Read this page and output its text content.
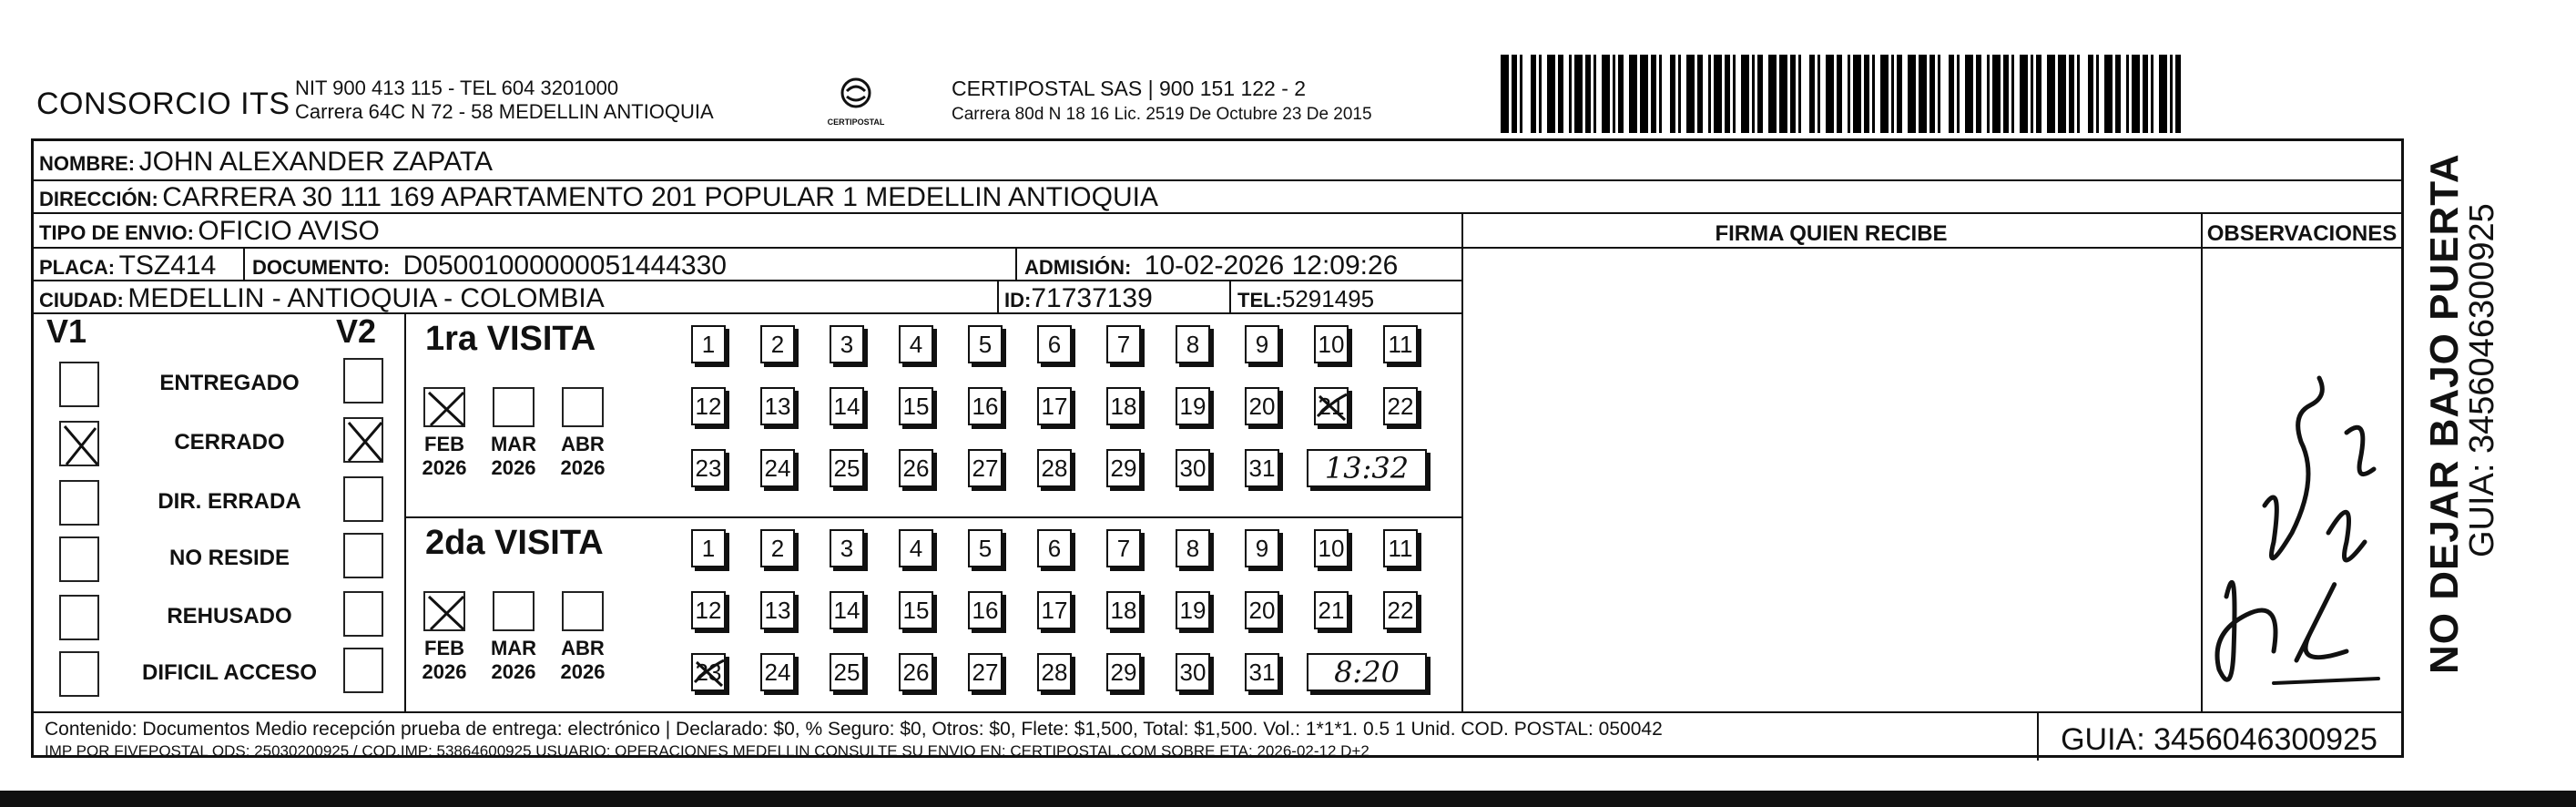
CONSORCIO ITS NIT 900 413 115 - TEL 604 3201000
Carrera 64C N 72 - 58 MEDELLIN ANTIOQUIA	CERTIPOSTAL
CERTIPOSTAL SAS | 900 151 122 - 2
Carrera 80d N 18 16 Lic. 2519 De Octubre 23 De 2015
NOMBRE: JOHN ALEXANDER ZAPATA
DIRECCIÓN: CARRERA 30 111 169 APARTAMENTO 201 POPULAR 1 MEDELLIN ANTIOQUIA
TIPO DE ENVIO: OFICIO AVISO	FIRMA QUIEN RECIBE	OBSERVACIONES
PLACA: TSZ414 DOCUMENTO: D05001000000051444330	ADMISIÓN: 10-02-2026 12:09:26
CIUDAD: MEDELLIN - ANTIOQUIA - COLOMBIA	ID:71737139	TEL:5291495
V1	V2
ENTREGADO
CERRADO
DIR. ERRADA
NO RESIDE
REHUSADO
DIFICIL ACCESO
1ra VISITA
FEB
2026
MAR
2026
ABR
2026
1	2	3	4	5	6	7	8	9	10 11
12 13 14 15 16 17 18 19 20 21 22
23 24 25 26 27 28 29 30 31	13:32
2da VISITA
FEB
2026
MAR
2026
ABR
2026
1	2	3	4	5	6	7	8	9	10 11
12 13 14 15 16 17 18 19 20 21 22
23 24 25 26 27 28 29 30 31	8:20
Contenido: Documentos Medio recepción prueba de entrega: electrónico | Declarado: $0, % Seguro: $0, Otros: $0, Flete: $1,500, Total: $1,500. Vol.: 1*1*1. 0.5 1 Unid. COD. POSTAL: 050042
IMP POR FIVEPOSTAL ODS: 25030200925 / COD.IMP: 53864600925 USUARIO: OPERACIONES MEDELLIN CONSULTE SU ENVIO EN: CERTIPOSTAL.COM SOBRE ETA: 2026-02-12 D+2	GUIA: 3456046300925
NO DEJAR BAJO PUERTA
GUIA: 3456046300925
